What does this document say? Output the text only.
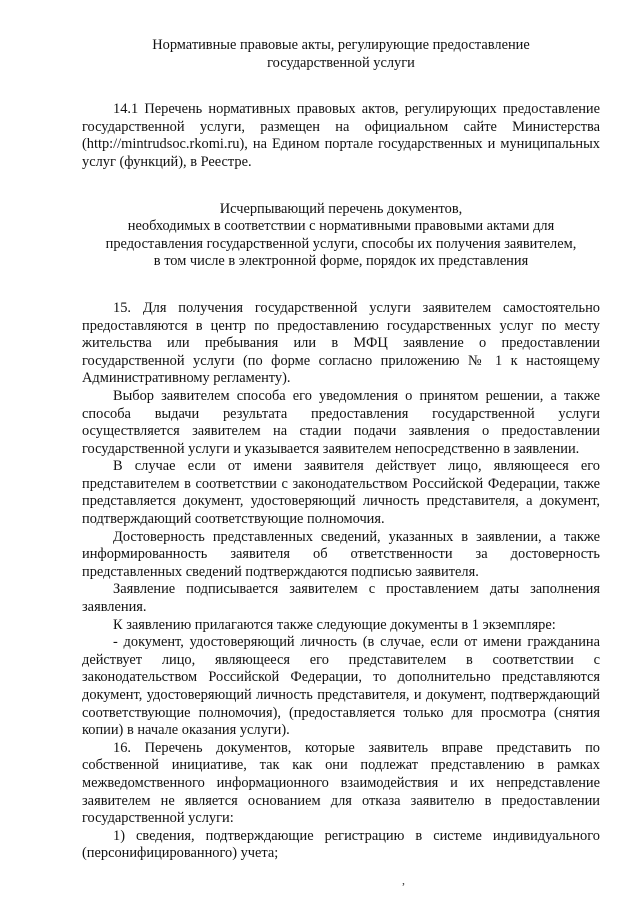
Нормативные правовые акты, регулирующие предоставление
государственной услуги

14.1 Перечень нормативных правовых актов, регулирующих предоставление государственной услуги, размещен на официальном сайте Министерства (http://mintrudsoc.rkomi.ru), на Едином портале государственных и муниципальных услуг (функций), в Реестре.

Исчерпывающий перечень документов,
необходимых в соответствии с нормативными правовыми актами для
предоставления государственной услуги, способы их получения заявителем,
в том числе в электронной форме, порядок их представления

15. Для получения государственной услуги заявителем самостоятельно предоставляются в центр по предоставлению государственных услуг по месту жительства или пребывания или в МФЦ заявление о предоставлении государственной услуги (по форме согласно приложению № 1 к настоящему Административному регламенту).

Выбор заявителем способа его уведомления о принятом решении, а также способа выдачи результата предоставления государственной услуги осуществляется заявителем на стадии подачи заявления о предоставлении государственной услуги и указывается заявителем непосредственно в заявлении.

В случае если от имени заявителя действует лицо, являющееся его представителем в соответствии с законодательством Российской Федерации, также представляется документ, удостоверяющий личность представителя, а документ, подтверждающий соответствующие полномочия.

Достоверность представленных сведений, указанных в заявлении, а также информированность заявителя об ответственности за достоверность представленных сведений подтверждаются подписью заявителя.

Заявление подписывается заявителем с проставлением даты заполнения заявления.

К заявлению прилагаются также следующие документы в 1 экземпляре:

- документ, удостоверяющий личность (в случае, если от имени гражданина действует лицо, являющееся его представителем в соответствии с законодательством Российской Федерации, то дополнительно представляются документ, удостоверяющий личность представителя, и документ, подтверждающий соответствующие полномочия), (предоставляется только для просмотра (снятия копии) в начале оказания услуги).

16. Перечень документов, которые заявитель вправе представить по собственной инициативе, так как они подлежат представлению в рамках межведомственного информационного взаимодействия и их непредставление заявителем не является основанием для отказа заявителю в предоставлении государственной услуги:

1) сведения, подтверждающие регистрацию в системе индивидуального (персонифицированного) учета;

,
